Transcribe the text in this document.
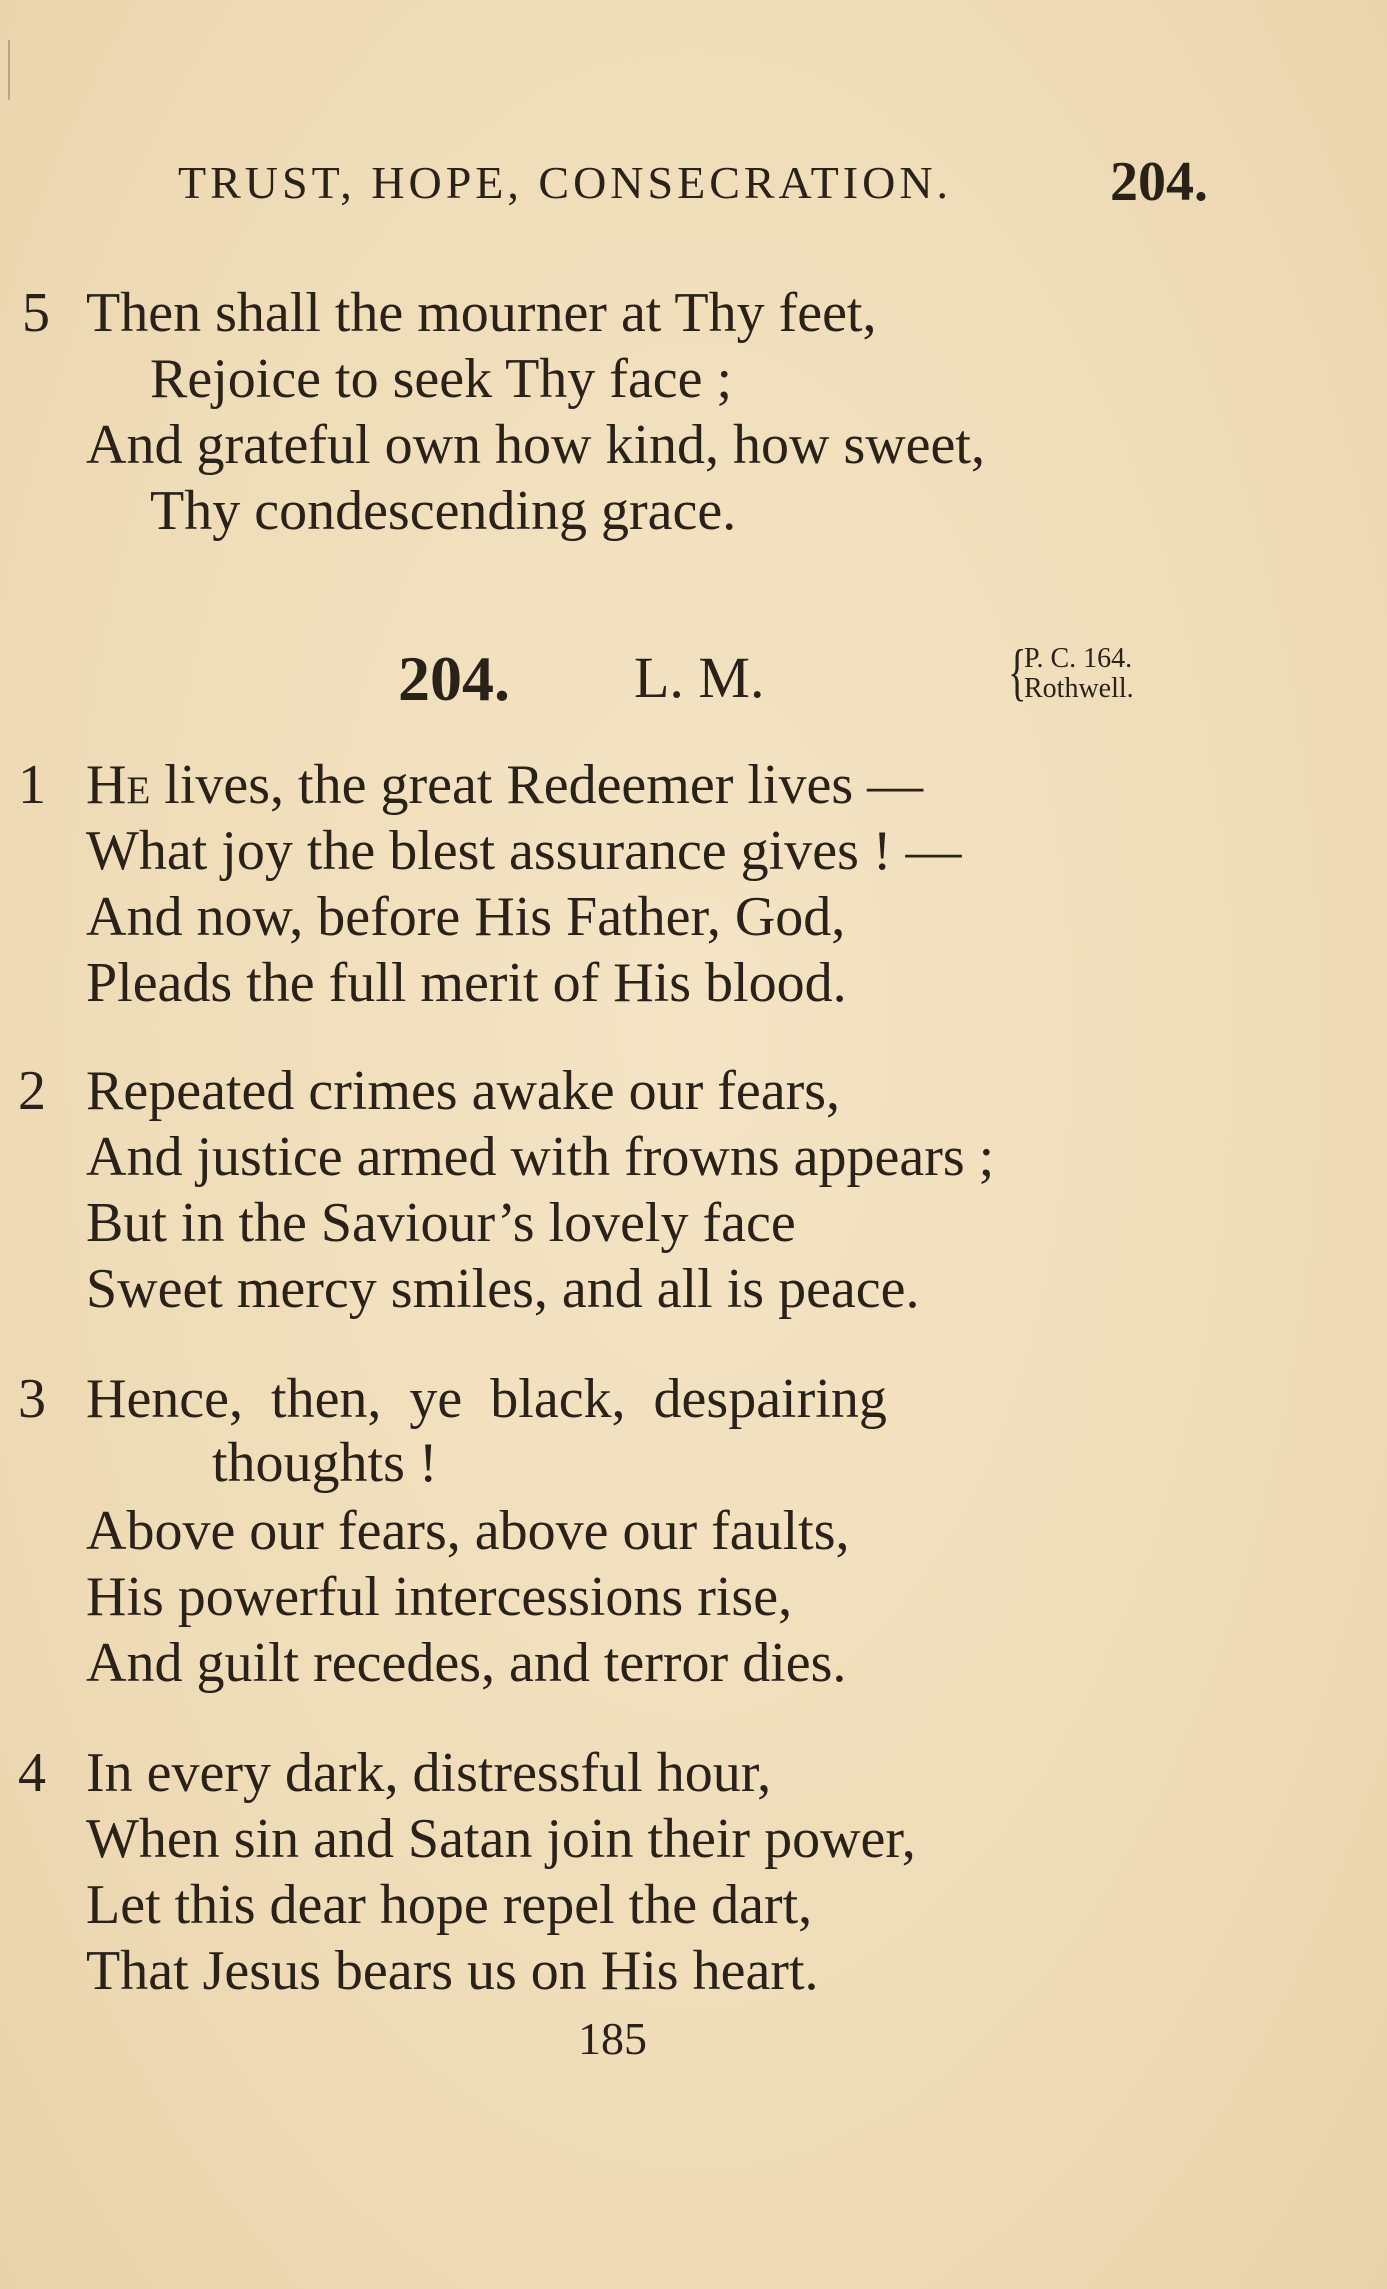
TRUST, HOPE, CONSECRATION.	204.
5 Then shall the mourner at Thy feet,
Rejoice to seek Thy face ;
And grateful own how kind, how sweet,
Thy condescending grace.
204. L. M.	{
P. C. 164.
Rothwell.
1 He lives, the great Redeemer lives —
What joy the blest assurance gives ! —
And now, before His Father, God,
Pleads the full merit of His blood.
2 Repeated crimes awake our fears,
And justice armed with frowns appears ;
But in the Saviour’s lovely face
Sweet mercy smiles, and all is peace.
3 Hence,  then,  ye  black,  despairing
thoughts !
Above our fears, above our faults,
His powerful intercessions rise,
And guilt recedes, and terror dies.
4 In every dark, distressful hour,
When sin and Satan join their power,
Let this dear hope repel the dart,
That Jesus bears us on His heart.
185
